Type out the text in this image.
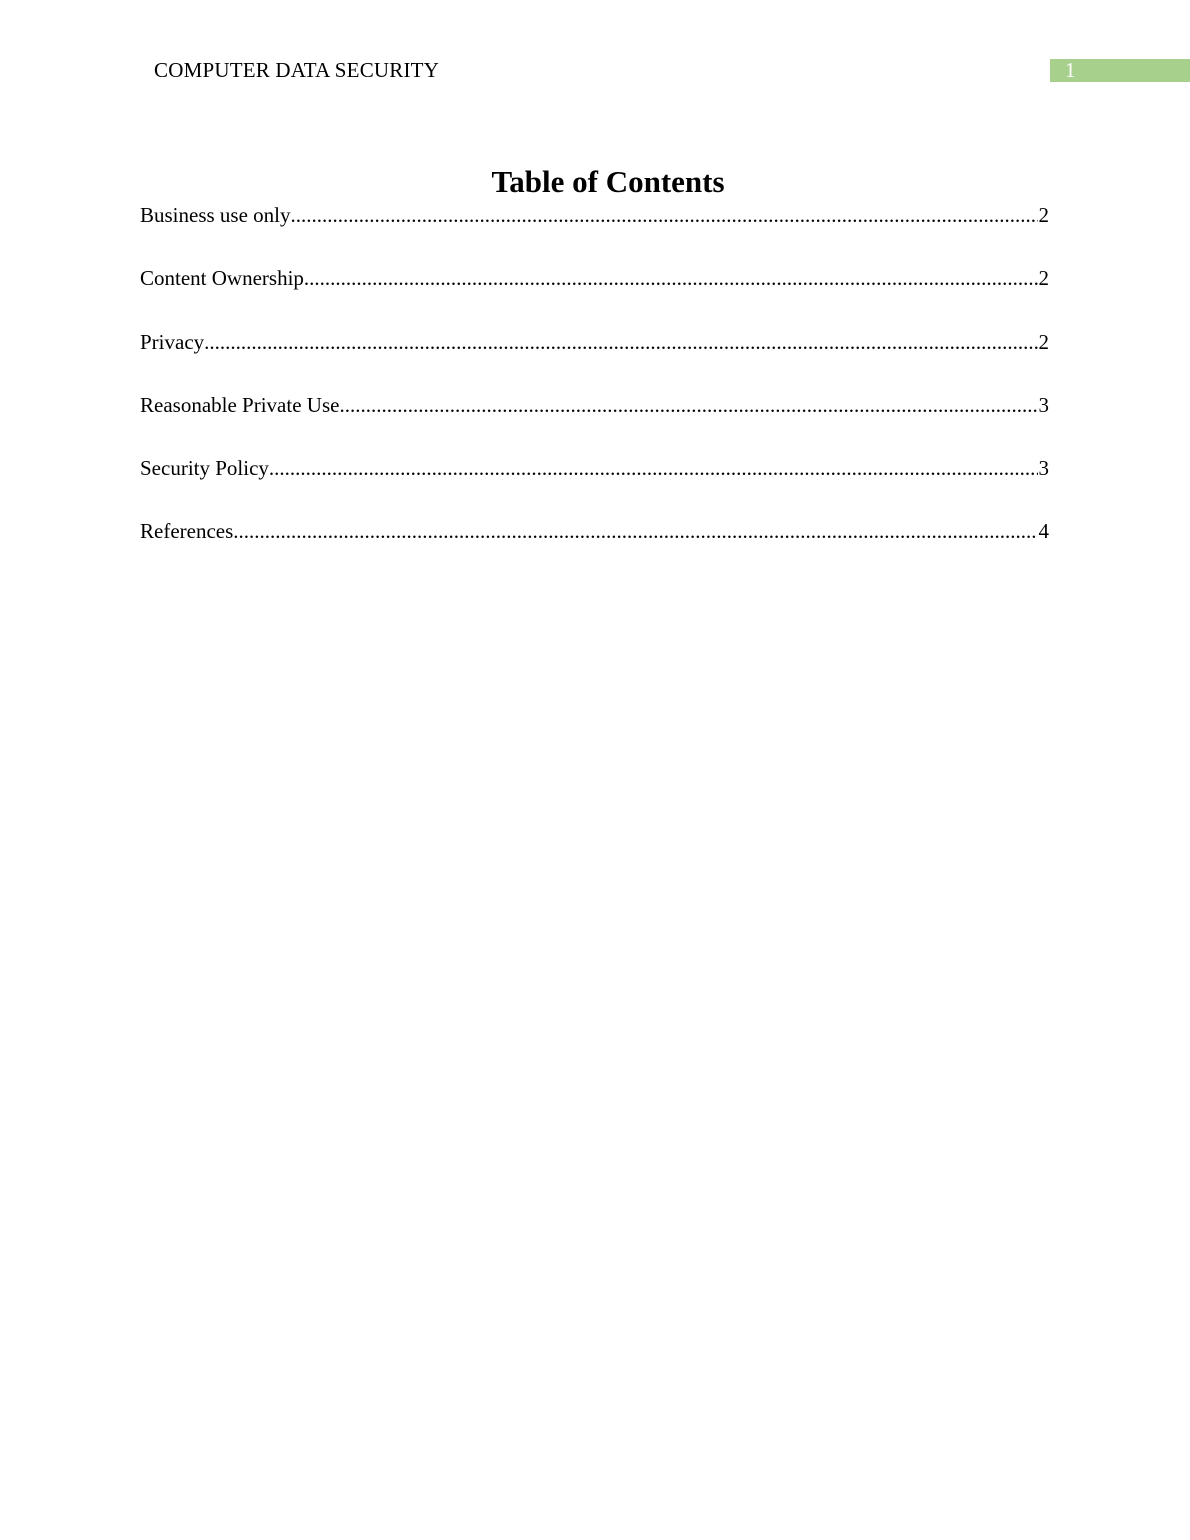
COMPUTER DATA SECURITY	1
Table of Contents
Business use only .....	2
Content Ownership .....	2
Privacy .....	2
Reasonable Private Use .....	3
Security Policy .....	3
References .....	4
